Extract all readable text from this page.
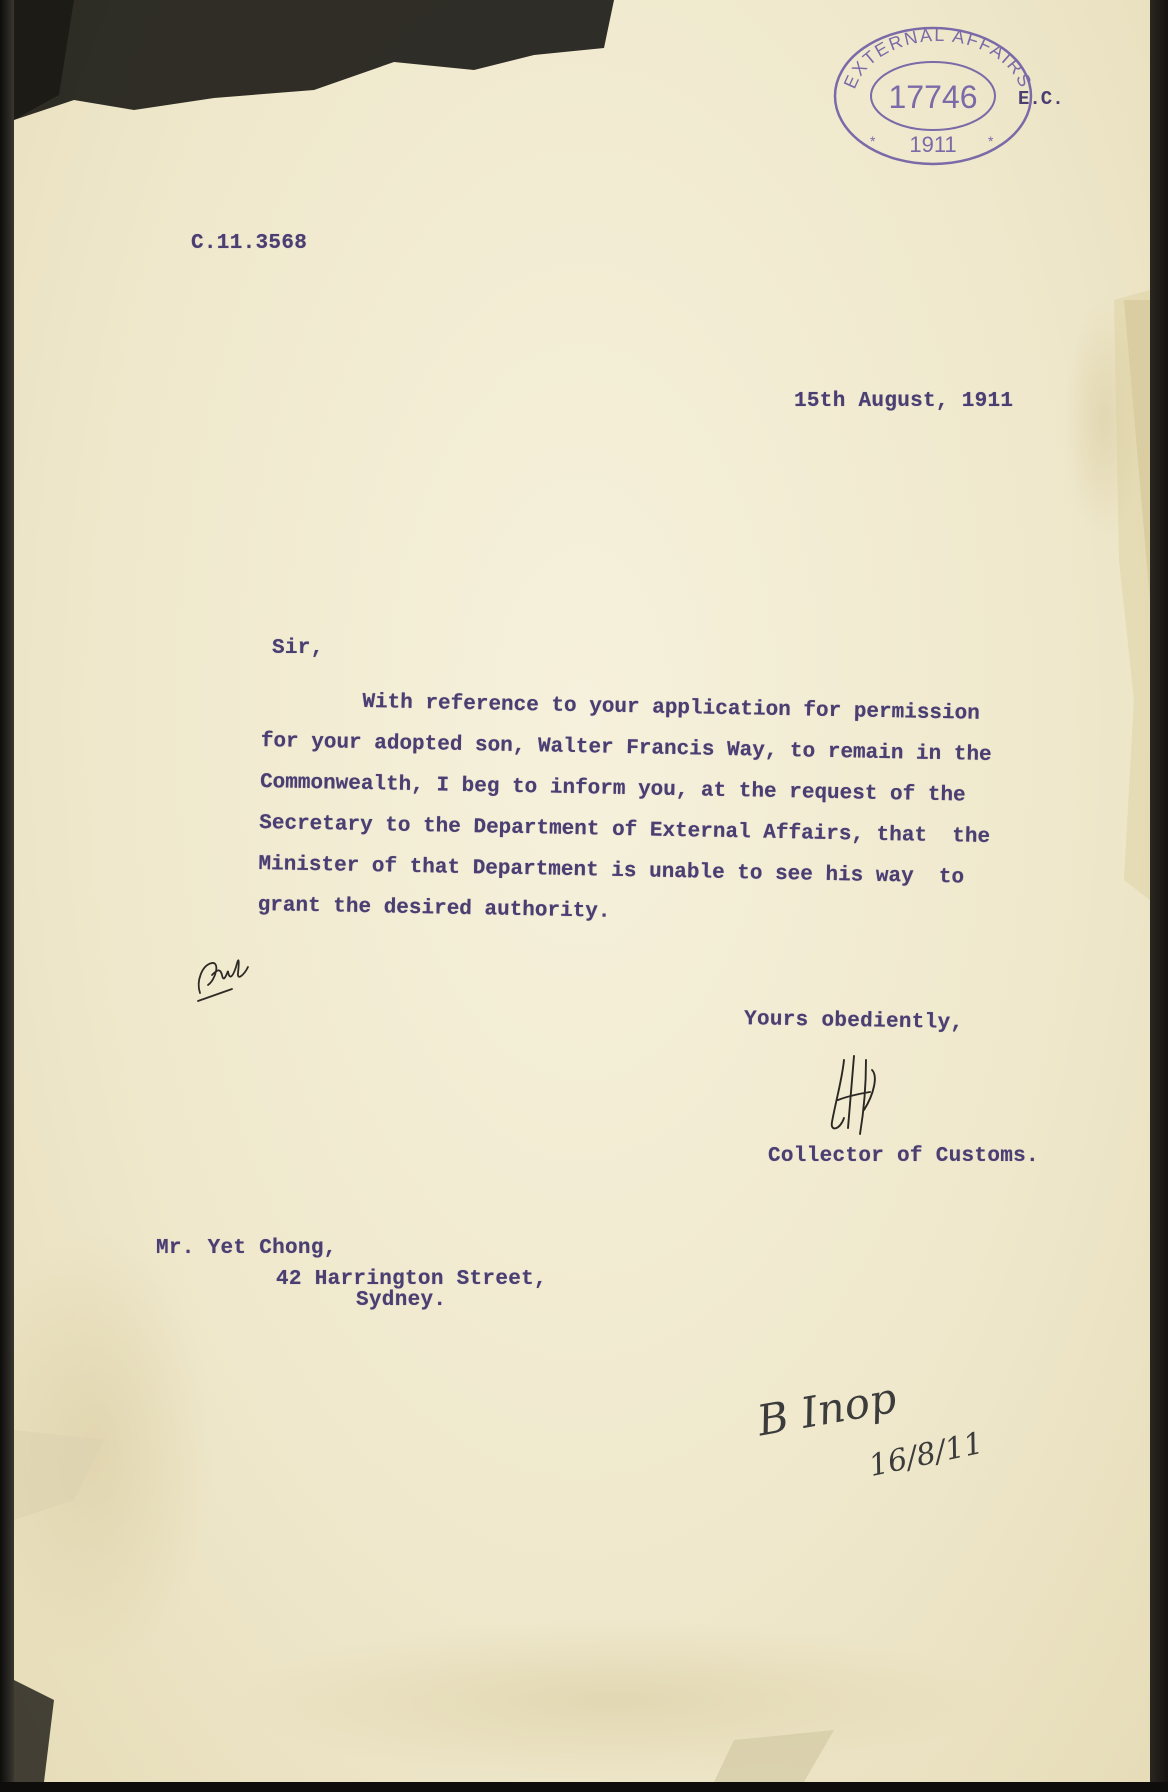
C.11.3568
15th August, 1911
Sir,
With reference to your application for permission
for your adopted son, Walter Francis Way, to remain in the
Commonwealth, I beg to inform you, at the request of the
Secretary to the Department of External Affairs, that  the
Minister of that Department is unable to see his way  to
grant the desired authority.
Yours obediently,
Collector of Customs.
Mr. Yet Chong,
42 Harrington Street,
Sydney.
B Inop
16/8/11
EXTERNAL AFFAIRS
17746
1911
*	*
E.C.
